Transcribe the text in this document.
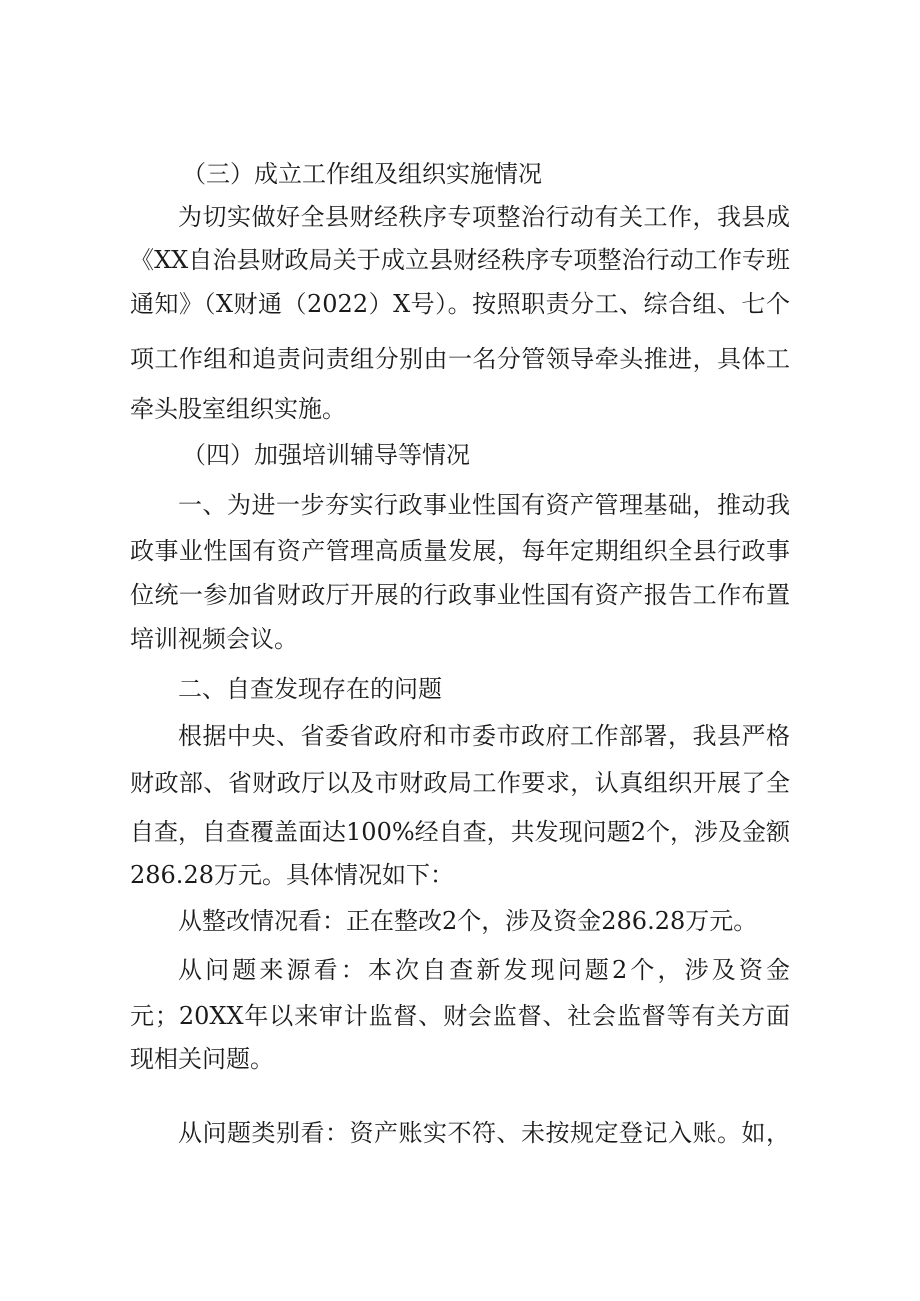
（三）成立工作组及组织实施情况
为切实做好全县财经秩序专项整治行动有关工作，我县成
《XX自治县财政局关于成立县财经秩序专项整治行动工作专班
通知》（X财通（2022）X号）。按照职责分工、综合组、七个
项工作组和追责问责组分别由一名分管领导牵头推进，具体工
牵头股室组织实施。
（四）加强培训辅导等情况
一、为进一步夯实行政事业性国有资产管理基础，推动我
政事业性国有资产管理高质量发展，每年定期组织全县行政事
位统一参加省财政厅开展的行政事业性国有资产报告工作布置
培训视频会议。
二、自查发现存在的问题
根据中央、省委省政府和市委市政府工作部署，我县严格
财政部、省财政厅以及市财政局工作要求，认真组织开展了全
自查，自查覆盖面达100%经自查，共发现问题2个，涉及金额
286.28万元。具体情况如下：
从整改情况看：正在整改2个，涉及资金286.28万元。
从问题来源看：本次自查新发现问题2个，涉及资金
元；20XX年以来审计监督、财会监督、社会监督等有关方面
现相关问题。
从问题类别看：资产账实不符、未按规定登记入账。如，
